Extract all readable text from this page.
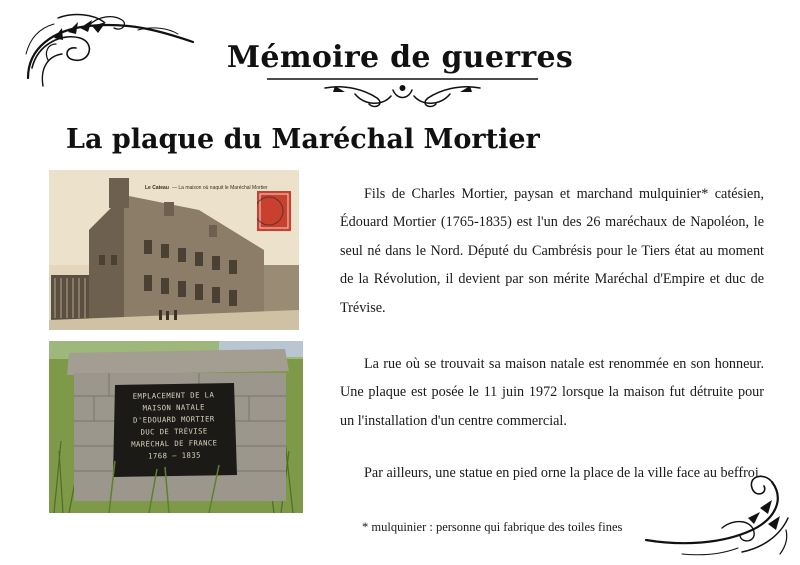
Mémoire de guerres
La plaque du Maréchal Mortier
Le Cateau — La maison où naquit le Maréchal Mortier
EMPLACEMENT DE LA
MAISON NATALE
D'EDOUARD MORTIER
DUC DE TRÉVISE
MARÉCHAL DE FRANCE
1768 — 1835

Fils de Charles Mortier, paysan et marchand mulquinier* catésien, Édouard Mortier (1765-1835) est l'un des 26 maréchaux de Napoléon, le seul né dans le Nord. Député du Cambrésis pour le Tiers état au moment de la Révolution, il devient par son mérite Maréchal d'Empire et duc de Trévise.

La rue où se trouvait sa maison natale est renommée en son honneur. Une plaque est posée le 11 juin 1972 lorsque la maison fut détruite pour un l'installation d'un centre commercial.

Par ailleurs, une statue en pied orne la place de la ville face au beffroi.

* mulquinier : personne qui fabrique des toiles fines
